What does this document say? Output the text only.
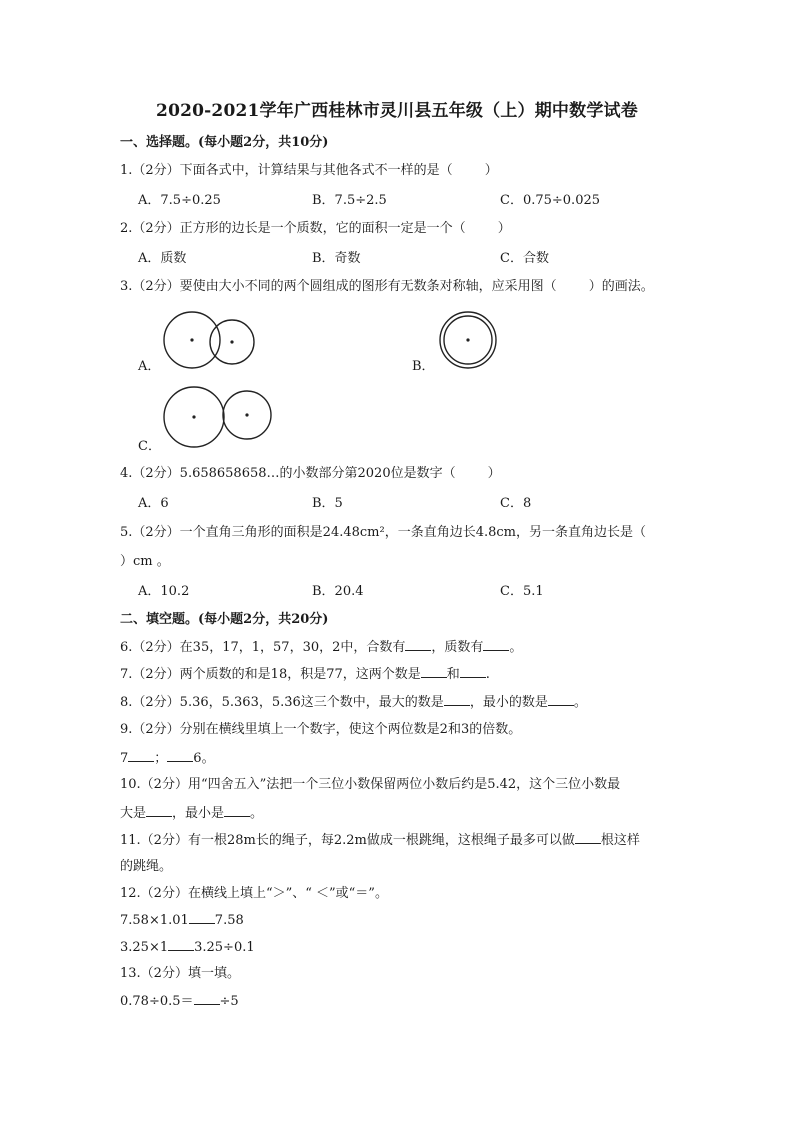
2020-2021学年广西桂林市灵川县五年级（上）期中数学试卷
一、选择题。(每小题2分，共10分)
1.（2分）下面各式中，计算结果与其他各式不一样的是（ ）
A．7.5÷0.25	B．7.5÷2.5	C．0.75÷0.025
2.（2分）正方形的边长是一个质数，它的面积一定是一个（ ）
A．质数	B．奇数	C．合数
3.（2分）要使由大小不同的两个圆组成的图形有无数条对称轴，应采用图（ ）的画法。
A．	B．
C．
4.（2分）5.658658658…的小数部分第2020位是数字（ ）
A．6	B．5	C．8
5.（2分）一个直角三角形的面积是24.48cm²，一条直角边长4.8cm，另一条直角边长是（
）cm 。
A．10.2	B．20.4	C．5.1
二、填空题。(每小题2分，共20分)
6.（2分）在35，17，1，57，30，2中，合数有 ，质数有 。
7.（2分）两个质数的和是18，积是77，这两个数是 和 .
8.（2分）5.36，5.363，5.3̇6̇这三个数中，最大的数是 ，最小的数是 。
9.（2分）分别在横线里填上一个数字，使这个两位数是2和3的倍数。
7 ； 6。
10.（2分）用“四舍五入”法把一个三位小数保留两位小数后约是5.42，这个三位小数最
大是 ，最小是 。
11.（2分）有一根28m长的绳子，每2.2m做成一根跳绳，这根绳子最多可以做 根这样
的跳绳。
12.（2分）在横线上填上“＞”、“ ＜”或“＝”。
7.58×1.01 7.58
3.25×1 3.25÷0.1
13.（2分）填一填。
0.78÷0.5＝ ÷5
